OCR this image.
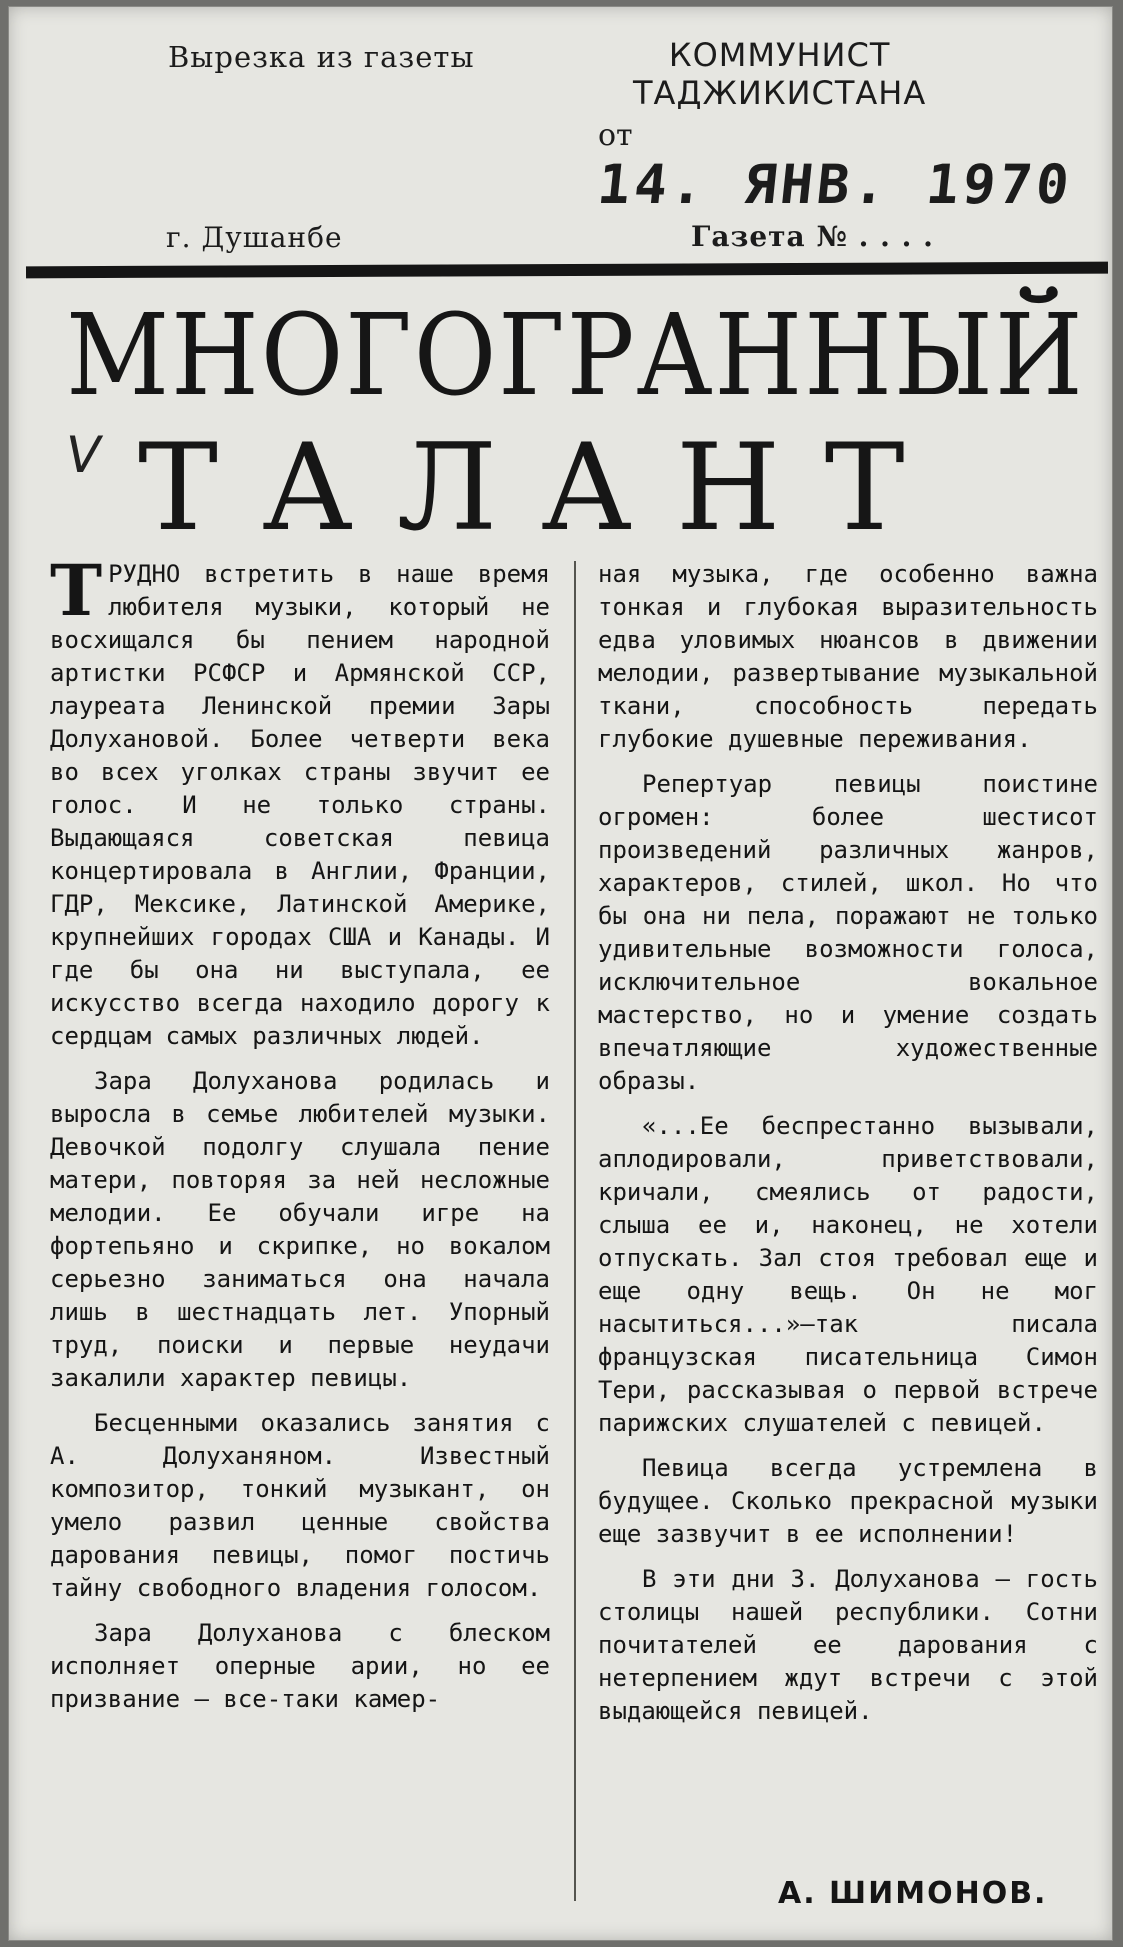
Вырезка из газеты	КОММУНИСТ
ТАДЖИКИСТАНА
от 14. ЯНВ. 1970
г. Душанбе	Газета № . . . .
МНОГОГРАННЫЙ
ТАЛАНТ
V

ТРУДНО встретить в наше время любителя музыки, который не восхищался бы пением народной артистки РСФСР и Армянской ССР, лауреата Ленинской премии Зары Долухановой. Более четверти века во всех уголках страны звучит ее голос. И не только страны. Выдающаяся советская певица концертировала в Англии, Франции, ГДР, Мексике, Латинской Америке, крупнейших городах США и Канады. И где бы она ни выступала, ее искусство всегда находило дорогу к сердцам самых различных людей.

Зара Долуханова родилась и выросла в семье любителей музыки. Девочкой подолгу слушала пение матери, повторяя за ней несложные мелодии. Ее обучали игре на фортепьяно и скрипке, но вокалом серьезно заниматься она начала лишь в шестнадцать лет. Упорный труд, поиски и первые неудачи закалили характер певицы.

Бесценными оказались занятия с А. Долуханяном. Известный композитор, тонкий музыкант, он умело развил ценные свойства дарования певицы, помог постичь тайну свободного владения голосом.

Зара Долуханова с блеском исполняет оперные арии, но ее призвание — все-таки камер-

ная музыка, где особенно важна тонкая и глубокая выразительность едва уловимых нюансов в движении мелодии, развертывание музыкальной ткани, способность передать глубокие душевные переживания.

Репертуар певицы поистине огромен: более шестисот произведений различных жанров, характеров, стилей, школ. Но что бы она ни пела, поражают не только удивительные возможности голоса, исключительное вокальное мастерство, но и умение создать впечатляющие художественные образы.

«...Ее беспрестанно вызывали, аплодировали, приветствовали, кричали, смеялись от радости, слыша ее и, наконец, не хотели отпускать. Зал стоя требовал еще и еще одну вещь. Он не мог насытиться...»—так писала французская писательница Симон Тери, рассказывая о первой встрече парижских слушателей с певицей.

Певица всегда устремлена в будущее. Сколько прекрасной музыки еще зазвучит в ее исполнении!

В эти дни З. Долуханова — гость столицы нашей республики. Сотни почитателей ее дарования с нетерпением ждут встречи с этой выдающейся певицей.

А. ШИМОНОВ.
